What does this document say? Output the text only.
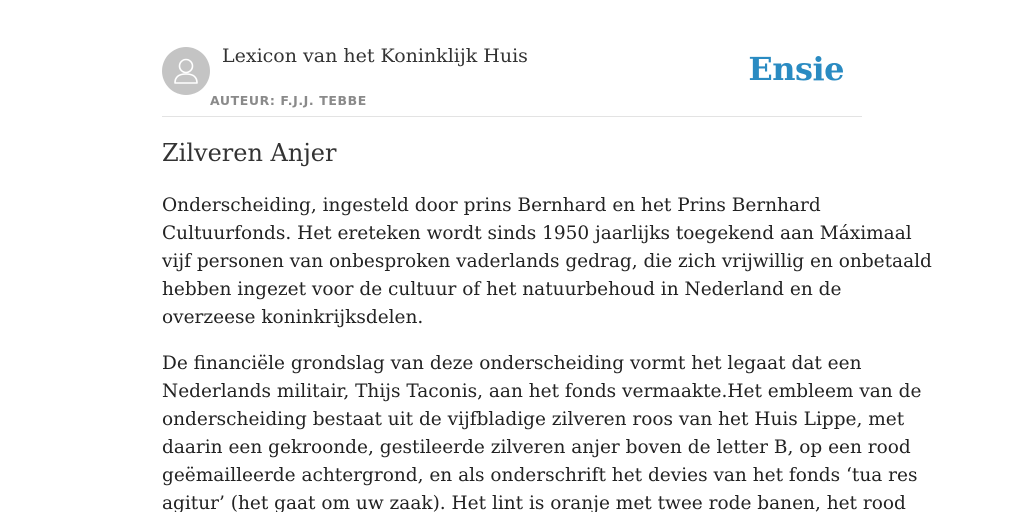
Lexicon van het Koninklijk Huis
AUTEUR: F.J.J. TEBBE
Ensie
Zilveren Anjer

Onderscheiding, ingesteld door prins Bernhard en het Prins Bernhard
Cultuurfonds. Het ereteken wordt sinds 1950 jaarlijks toegekend aan Máximaal
vijf personen van onbesproken vaderlands gedrag, die zich vrijwillig en onbetaald
hebben ingezet voor de cultuur of het natuurbehoud in Nederland en de
overzeese koninkrijksdelen.

De financiële grondslag van deze onderscheiding vormt het legaat dat een
Nederlands militair, Thijs Taconis, aan het fonds vermaakte.Het embleem van de
onderscheiding bestaat uit de vijfbladige zilveren roos van het Huis Lippe, met
daarin een gekroonde, gestileerde zilveren anjer boven de letter B, op een rood
geëmailleerde achtergrond, en als onderschrift het devies van het fonds ‘tua res
agitur’ (het gaat om uw zaak). Het lint is oranje met twee rode banen, het rood
